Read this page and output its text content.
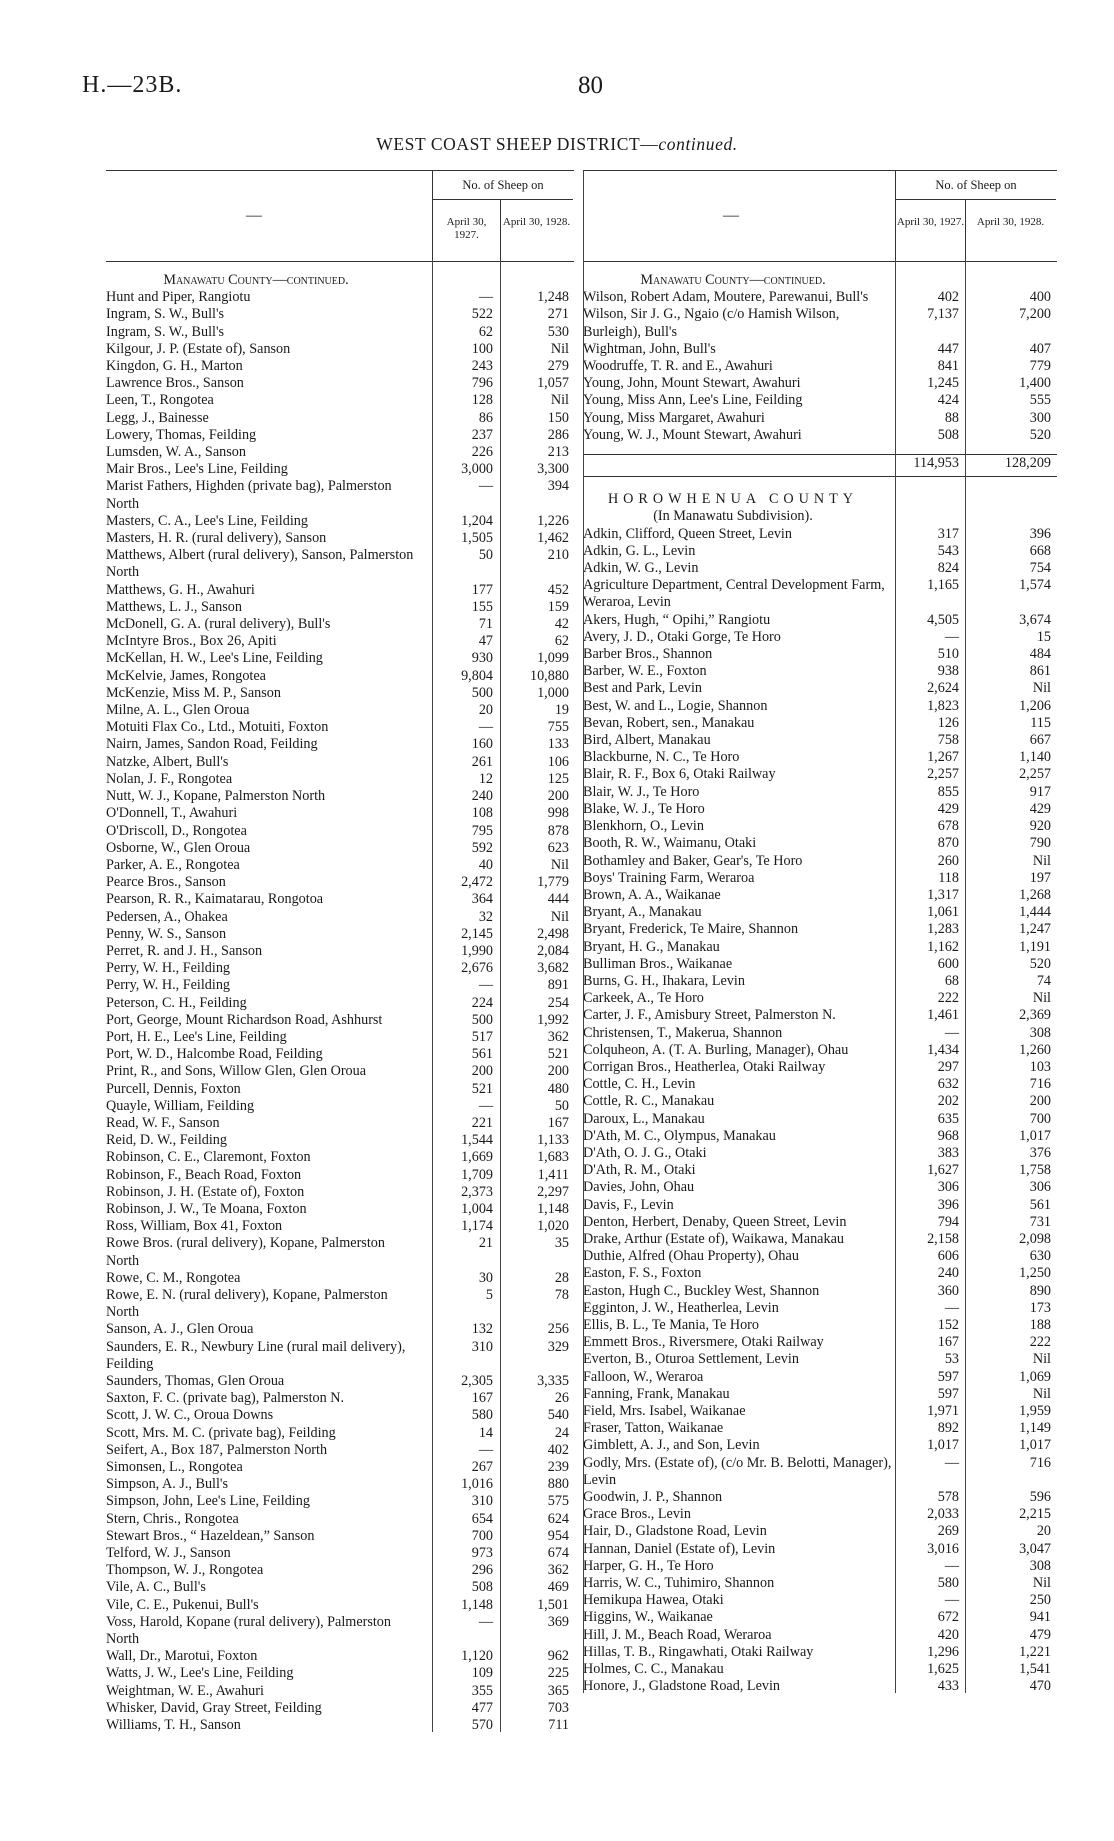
H.—23B.	80
WEST COAST SHEEP DISTRICT—continued.
—
No. of Sheep on
April 30, 1927.
April 30, 1928.
Manawatu County—continued.
Hunt and Piper, Rangiotu	—	1,248
Ingram, S. W., Bull's	522	271
Ingram, S. W., Bull's	62	530
Kilgour, J. P. (Estate of), Sanson	100	Nil
Kingdon, G. H., Marton	243	279
Lawrence Bros., Sanson	796	1,057
Leen, T., Rongotea	128	Nil
Legg, J., Bainesse	86	150
Lowery, Thomas, Feilding	237	286
Lumsden, W. A., Sanson	226	213
Mair Bros., Lee's Line, Feilding	3,000	3,300
Marist Fathers, Highden (private bag), Palmerston North
—	394
Masters, C. A., Lee's Line, Feilding	1,204	1,226
Masters, H. R. (rural delivery), Sanson	1,505	1,462
Matthews, Albert (rural delivery), Sanson, Palmerston North
50	210
Matthews, G. H., Awahuri	177	452
Matthews, L. J., Sanson	155	159
McDonell, G. A. (rural delivery), Bull's	71	42
McIntyre Bros., Box 26, Apiti	47	62
McKellan, H. W., Lee's Line, Feilding	930	1,099
McKelvie, James, Rongotea	9,804	10,880
McKenzie, Miss M. P., Sanson	500	1,000
Milne, A. L., Glen Oroua	20	19
Motuiti Flax Co., Ltd., Motuiti, Foxton	—	755
Nairn, James, Sandon Road, Feilding	160	133
Natzke, Albert, Bull's	261	106
Nolan, J. F., Rongotea	12	125
Nutt, W. J., Kopane, Palmerston North	240	200
O'Donnell, T., Awahuri	108	998
O'Driscoll, D., Rongotea	795	878
Osborne, W., Glen Oroua	592	623
Parker, A. E., Rongotea	40	Nil
Pearce Bros., Sanson	2,472	1,779
Pearson, R. R., Kaimatarau, Rongotoa	364	444
Pedersen, A., Ohakea	32	Nil
Penny, W. S., Sanson	2,145	2,498
Perret, R. and J. H., Sanson	1,990	2,084
Perry, W. H., Feilding	2,676	3,682
Perry, W. H., Feilding	—	891
Peterson, C. H., Feilding	224	254
Port, George, Mount Richardson Road, Ashhurst	500	1,992
Port, H. E., Lee's Line, Feilding	517	362
Port, W. D., Halcombe Road, Feilding	561	521
Print, R., and Sons, Willow Glen, Glen Oroua	200	200
Purcell, Dennis, Foxton	521	480
Quayle, William, Feilding	—	50
Read, W. F., Sanson	221	167
Reid, D. W., Feilding	1,544	1,133
Robinson, C. E., Claremont, Foxton	1,669	1,683
Robinson, F., Beach Road, Foxton	1,709	1,411
Robinson, J. H. (Estate of), Foxton	2,373	2,297
Robinson, J. W., Te Moana, Foxton	1,004	1,148
Ross, William, Box 41, Foxton	1,174	1,020
Rowe Bros. (rural delivery), Kopane, Palmerston North
21	35
Rowe, C. M., Rongotea	30	28
Rowe, E. N. (rural delivery), Kopane, Palmerston North
5	78
Sanson, A. J., Glen Oroua	132	256
Saunders, E. R., Newbury Line (rural mail delivery), Feilding
310	329
Saunders, Thomas, Glen Oroua	2,305	3,335
Saxton, F. C. (private bag), Palmerston N.	167	26
Scott, J. W. C., Oroua Downs	580	540
Scott, Mrs. M. C. (private bag), Feilding	14	24
Seifert, A., Box 187, Palmerston North	—	402
Simonsen, L., Rongotea	267	239
Simpson, A. J., Bull's	1,016	880
Simpson, John, Lee's Line, Feilding	310	575
Stern, Chris., Rongotea	654	624
Stewart Bros., “ Hazeldean,” Sanson	700	954
Telford, W. J., Sanson	973	674
Thompson, W. J., Rongotea	296	362
Vile, A. C., Bull's	508	469
Vile, C. E., Pukenui, Bull's	1,148	1,501
Voss, Harold, Kopane (rural delivery), Palmerston North
—	369
Wall, Dr., Marotui, Foxton	1,120	962
Watts, J. W., Lee's Line, Feilding	109	225
Weightman, W. E., Awahuri	355	365
Whisker, David, Gray Street, Feilding	477	703
Williams, T. H., Sanson	570	711
—
No. of Sheep on
April 30, 1927.	April 30, 1928.
Manawatu County—continued.
Wilson, Robert Adam, Moutere, Parewanui, Bull's	402	400
Wilson, Sir J. G., Ngaio (c/o Hamish Wilson, Burleigh), Bull's
7,137	7,200
Wightman, John, Bull's	447	407
Woodruffe, T. R. and E., Awahuri	841	779
Young, John, Mount Stewart, Awahuri	1,245	1,400
Young, Miss Ann, Lee's Line, Feilding	424	555
Young, Miss Margaret, Awahuri	88	300
Young, W. J., Mount Stewart, Awahuri	508	520

114,953	128,209
HOROWHENUA COUNTY
(In Manawatu Subdivision).
Adkin, Clifford, Queen Street, Levin	317	396
Adkin, G. L., Levin	543	668
Adkin, W. G., Levin	824	754
Agriculture Department, Central Development Farm, Weraroa, Levin
1,165	1,574
Akers, Hugh, “ Opihi,” Rangiotu	4,505	3,674
Avery, J. D., Otaki Gorge, Te Horo	—	15
Barber Bros., Shannon	510	484
Barber, W. E., Foxton	938	861
Best and Park, Levin	2,624	Nil
Best, W. and L., Logie, Shannon	1,823	1,206
Bevan, Robert, sen., Manakau	126	115
Bird, Albert, Manakau	758	667
Blackburne, N. C., Te Horo	1,267	1,140
Blair, R. F., Box 6, Otaki Railway	2,257	2,257
Blair, W. J., Te Horo	855	917
Blake, W. J., Te Horo	429	429
Blenkhorn, O., Levin	678	920
Booth, R. W., Waimanu, Otaki	870	790
Bothamley and Baker, Gear's, Te Horo	260	Nil
Boys' Training Farm, Weraroa	118	197
Brown, A. A., Waikanae	1,317	1,268
Bryant, A., Manakau	1,061	1,444
Bryant, Frederick, Te Maire, Shannon	1,283	1,247
Bryant, H. G., Manakau	1,162	1,191
Bulliman Bros., Waikanae	600	520
Burns, G. H., Ihakara, Levin	68	74
Carkeek, A., Te Horo	222	Nil
Carter, J. F., Amisbury Street, Palmerston N.	1,461	2,369
Christensen, T., Makerua, Shannon	—	308
Colquheon, A. (T. A. Burling, Manager), Ohau	1,434	1,260
Corrigan Bros., Heatherlea, Otaki Railway	297	103
Cottle, C. H., Levin	632	716
Cottle, R. C., Manakau	202	200
Daroux, L., Manakau	635	700
D'Ath, M. C., Olympus, Manakau	968	1,017
D'Ath, O. J. G., Otaki	383	376
D'Ath, R. M., Otaki	1,627	1,758
Davies, John, Ohau	306	306
Davis, F., Levin	396	561
Denton, Herbert, Denaby, Queen Street, Levin	794	731
Drake, Arthur (Estate of), Waikawa, Manakau	2,158	2,098
Duthie, Alfred (Ohau Property), Ohau	606	630
Easton, F. S., Foxton	240	1,250
Easton, Hugh C., Buckley West, Shannon	360	890
Egginton, J. W., Heatherlea, Levin	—	173
Ellis, B. L., Te Mania, Te Horo	152	188
Emmett Bros., Riversmere, Otaki Railway	167	222
Everton, B., Oturoa Settlement, Levin	53	Nil
Falloon, W., Weraroa	597	1,069
Fanning, Frank, Manakau	597	Nil
Field, Mrs. Isabel, Waikanae	1,971	1,959
Fraser, Tatton, Waikanae	892	1,149
Gimblett, A. J., and Son, Levin	1,017	1,017
Godly, Mrs. (Estate of), (c/o Mr. B. Belotti, Manager), Levin
—	716
Goodwin, J. P., Shannon	578	596
Grace Bros., Levin	2,033	2,215
Hair, D., Gladstone Road, Levin	269	20
Hannan, Daniel (Estate of), Levin	3,016	3,047
Harper, G. H., Te Horo	—	308
Harris, W. C., Tuhimiro, Shannon	580	Nil
Hemikupa Hawea, Otaki	—	250
Higgins, W., Waikanae	672	941
Hill, J. M., Beach Road, Weraroa	420	479
Hillas, T. B., Ringawhati, Otaki Railway	1,296	1,221
Holmes, C. C., Manakau	1,625	1,541
Honore, J., Gladstone Road, Levin	433	470
